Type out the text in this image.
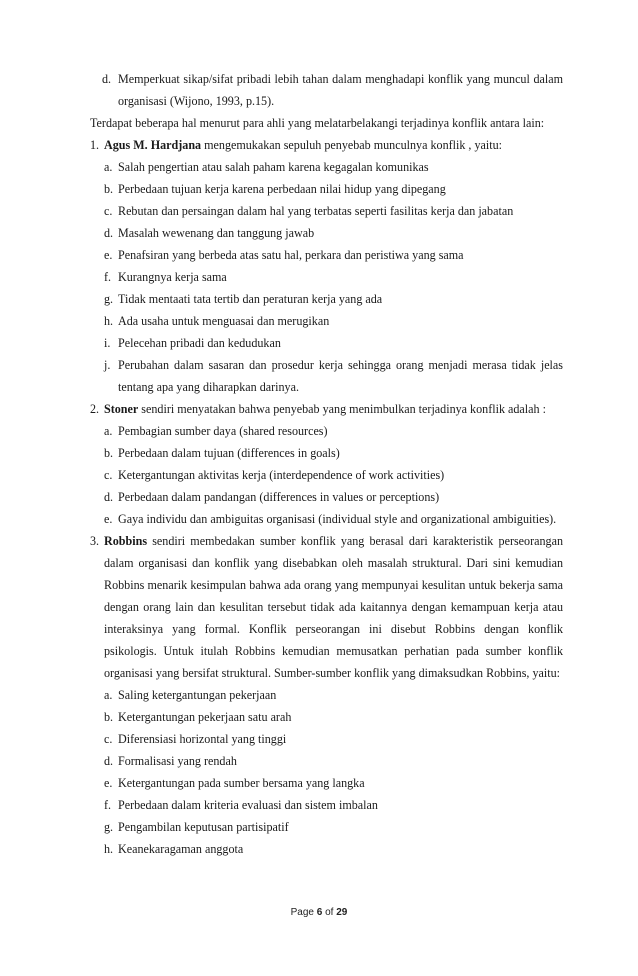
d. Memperkuat sikap/sifat pribadi lebih tahan dalam menghadapi konflik yang muncul dalam organisasi (Wijono, 1993, p.15).

Terdapat beberapa hal menurut para ahli yang melatarbelakangi terjadinya konflik antara lain:

1. Agus M. Hardjana mengemukakan sepuluh penyebab munculnya konflik , yaitu:
a. Salah pengertian atau salah paham karena kegagalan komunikas
b. Perbedaan tujuan kerja karena perbedaan nilai hidup yang dipegang
c. Rebutan dan persaingan dalam hal yang terbatas seperti fasilitas kerja dan jabatan
d. Masalah wewenang dan tanggung jawab
e. Penafsiran yang berbeda atas satu hal, perkara dan peristiwa yang sama
f. Kurangnya kerja sama
g. Tidak mentaati tata tertib dan peraturan kerja yang ada
h. Ada usaha untuk menguasai dan merugikan
i. Pelecehan pribadi dan kedudukan
j. Perubahan dalam sasaran dan prosedur kerja sehingga orang menjadi merasa tidak jelas tentang apa yang diharapkan darinya.
2. Stoner sendiri menyatakan bahwa penyebab yang menimbulkan terjadinya konflik adalah :
a. Pembagian sumber daya (shared resources)
b. Perbedaan dalam tujuan (differences in goals)
c. Ketergantungan aktivitas kerja (interdependence of work activities)
d. Perbedaan dalam pandangan (differences in values or perceptions)
e. Gaya individu dan ambiguitas organisasi (individual style and organizational ambiguities).
3. Robbins sendiri membedakan sumber konflik yang berasal dari karakteristik perseorangan dalam organisasi dan konflik yang disebabkan oleh masalah struktural. Dari sini kemudian Robbins menarik kesimpulan bahwa ada orang yang mempunyai kesulitan untuk bekerja sama dengan orang lain dan kesulitan tersebut tidak ada kaitannya dengan kemampuan kerja atau interaksinya yang formal. Konflik perseorangan ini disebut Robbins dengan konflik psikologis. Untuk itulah Robbins kemudian memusatkan perhatian pada sumber konflik organisasi yang bersifat struktural. Sumber-sumber konflik yang dimaksudkan Robbins, yaitu:
a. Saling ketergantungan pekerjaan
b. Ketergantungan pekerjaan satu arah
c. Diferensiasi horizontal yang tinggi
d. Formalisasi yang rendah
e. Ketergantungan pada sumber bersama yang langka
f. Perbedaan dalam kriteria evaluasi dan sistem imbalan
g. Pengambilan keputusan partisipatif
h. Keanekaragaman anggota
Page 6 of 29
